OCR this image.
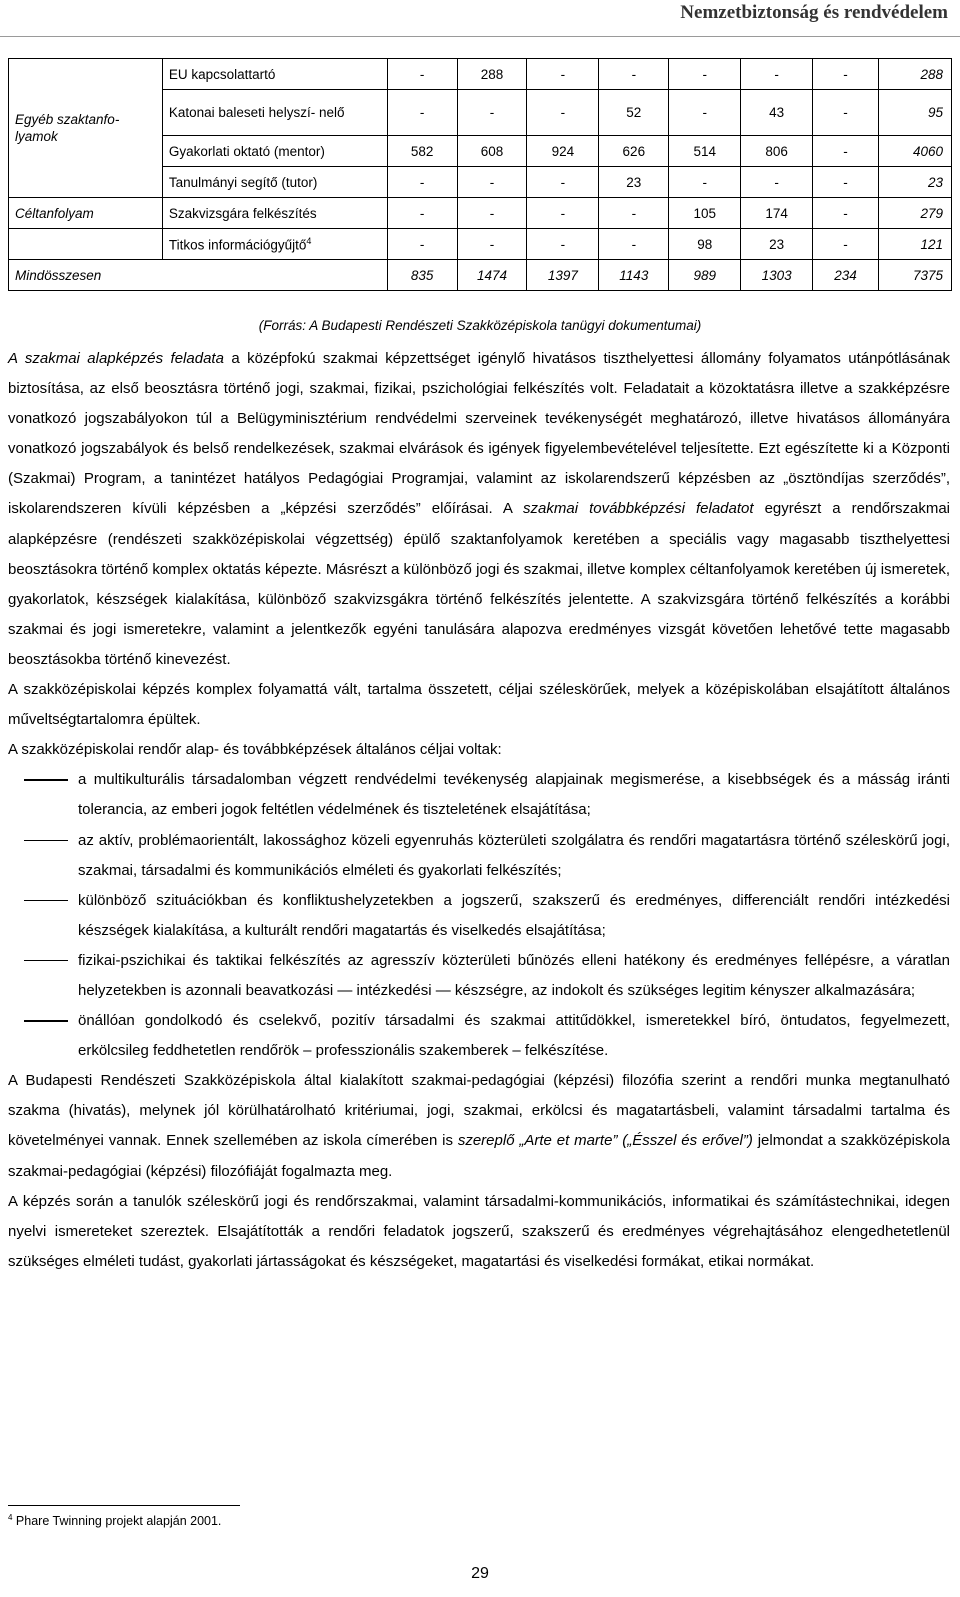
Nemzetbiztonság és rendvédelem
Egyéb szaktanfo- lyamok	EU kapcsolattartó	-	288	-	-	-	-	-	288
	Katonai baleseti helyszí- nelő	-	-	-	52	-	43	-	95
	Gyakorlati oktató (mentor)	582	608	924	626	514	806	-	4060
	Tanulmányi segítő (tutor)	-	-	-	23	-	-	-	23
Céltanfolyam	Szakvizsgára felkészítés	-	-	-	-	105	174	-	279
	Titkos információgyűjtő$^4$	-	-	-	-	98	23	-	121
Mindösszesen		835	1474	1397	1143	989	1303	234	7375
(Forrás: A Budapesti Rendészeti Szakközépiskola tanügyi dokumentumai)

A szakmai alapképzés feladata a középfokú szakmai képzettséget igénylő hivatásos tiszthelyettesi állomány folyamatos utánpótlásának biztosítása, az első beosztásra történő jogi, szakmai, fizikai, pszichológiai felkészítés volt. Feladatait a közoktatásra illetve a szakképzésre vonatkozó jogszabályokon túl a Belügyminisztérium rendvédelmi szerveinek tevékenységét meghatározó, illetve hivatásos állományára vonatkozó jogszabályok és belső rendelkezések, szakmai elvárások és igények figyelembevételével teljesítette. Ezt egészítette ki a Központi (Szakmai) Program, a tanintézet hatályos Pedagógiai Programjai, valamint az iskolarendszerű képzésben az „ösztöndíjas szerződés”, iskolarendszeren kívüli képzésben a „képzési szerződés” előírásai. A szakmai továbbképzési feladatot egyrészt a rendőrszakmai alapképzésre (rendészeti szakközépiskolai végzettség) épülő szaktanfolyamok keretében a speciális vagy magasabb tiszthelyettesi beosztásokra történő komplex oktatás képezte. Másrészt a különböző jogi és szakmai, illetve komplex céltanfolyamok keretében új ismeretek, gyakorlatok, készségek kialakítása, különböző szakvizsgákra történő felkészítés jelentette. A szakvizsgára történő felkészítés a korábbi szakmai és jogi ismeretekre, valamint a jelentkezők egyéni tanulására alapozva eredményes vizsgát követően lehetővé tette magasabb beosztásokba történő kinevezést.

A szakközépiskolai képzés komplex folyamattá vált, tartalma összetett, céljai széleskörűek, melyek a középiskolában elsajátított általános műveltségtartalomra épültek.

A szakközépiskolai rendőr alap- és továbbképzések általános céljai voltak:

a multikulturális társadalomban végzett rendvédelmi tevékenység alapjainak megismerése, a kisebbségek és a másság iránti tolerancia, az emberi jogok feltétlen védelmének és tiszteletének elsajátítása;
az aktív, problémaorientált, lakossághoz közeli egyenruhás közterületi szolgálatra és rendőri magatartásra történő széleskörű jogi, szakmai, társadalmi és kommunikációs elméleti és gyakorlati felkészítés;
különböző szituációkban és konfliktushelyzetekben a jogszerű, szakszerű és eredményes, differenciált rendőri intézkedési készségek kialakítása, a kulturált rendőri magatartás és viselkedés elsajátítása;
fizikai-pszichikai és taktikai felkészítés az agresszív közterületi bűnözés elleni hatékony és eredményes fellépésre, a váratlan helyzetekben is azonnali beavatkozási — intézkedési — készségre, az indokolt és szükséges legitim kényszer alkalmazására;
önállóan gondolkodó és cselekvő, pozitív társadalmi és szakmai attitűdökkel, ismeretekkel bíró, öntudatos, fegyelmezett, erkölcsileg feddhetetlen rendőrök – professzionális szakemberek – felkészítése.

A Budapesti Rendészeti Szakközépiskola által kialakított szakmai-pedagógiai (képzési) filozófia szerint a rendőri munka megtanulható szakma (hivatás), melynek jól körülhatárolható kritériumai, jogi, szakmai, erkölcsi és magatartásbeli, valamint társadalmi tartalma és követelményei vannak. Ennek szellemében az iskola címerében is szereplő „Arte et marte” („Ésszel és erővel”) jelmondat a szakközépiskola szakmai-pedagógiai (képzési) filozófiáját fogalmazta meg.

A képzés során a tanulók széleskörű jogi és rendőrszakmai, valamint társadalmi-kommunikációs, informatikai és számítástechnikai, idegen nyelvi ismereteket szereztek. Elsajátították a rendőri feladatok jogszerű, szakszerű és eredményes végrehajtásához elengedhetetlenül szükséges elméleti tudást, gyakorlati jártasságokat és készségeket, magatartási és viselkedési formákat, etikai normákat.

$^4$ Phare Twinning projekt alapján 2001.
29
